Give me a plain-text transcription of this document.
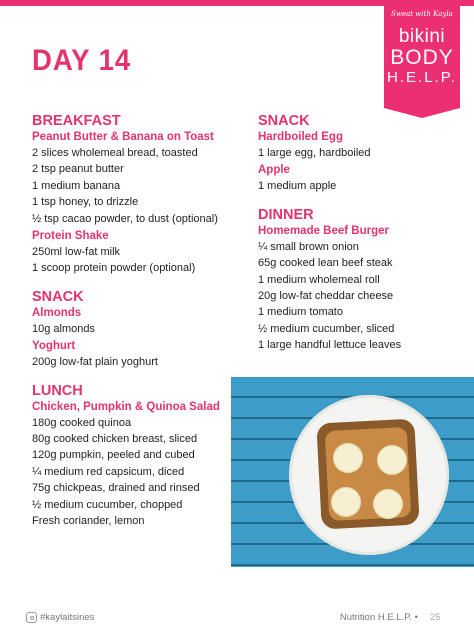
Sweat with Kayla
bikini
BODY
H.E.L.P.
DAY 14
BREAKFAST
Peanut Butter & Banana on Toast
2 slices wholemeal bread, toasted
2 tsp peanut butter
1 medium banana
1 tsp honey, to drizzle
½ tsp cacao powder, to dust (optional)
Protein Shake
250ml low-fat milk
1 scoop protein powder (optional)
SNACK
Almonds
10g almonds
Yoghurt
200g low-fat plain yoghurt
LUNCH
Chicken, Pumpkin & Quinoa Salad
180g cooked quinoa
80g cooked chicken breast, sliced
120g pumpkin, peeled and cubed
¼ medium red capsicum, diced
75g chickpeas, drained and rinsed
½ medium cucumber, chopped
Fresh coriander, lemon
SNACK
Hardboiled Egg
1 large egg, hardboiled
Apple
1 medium apple
DINNER
Homemade Beef Burger
¼ small brown onion
65g cooked lean beef steak
1 medium wholemeal roll
20g low-fat cheddar cheese
1 medium tomato
½ medium cucumber, sliced
1 large handful lettuce leaves
#kaylaitsines	Nutrition H.E.L.P. • 25
